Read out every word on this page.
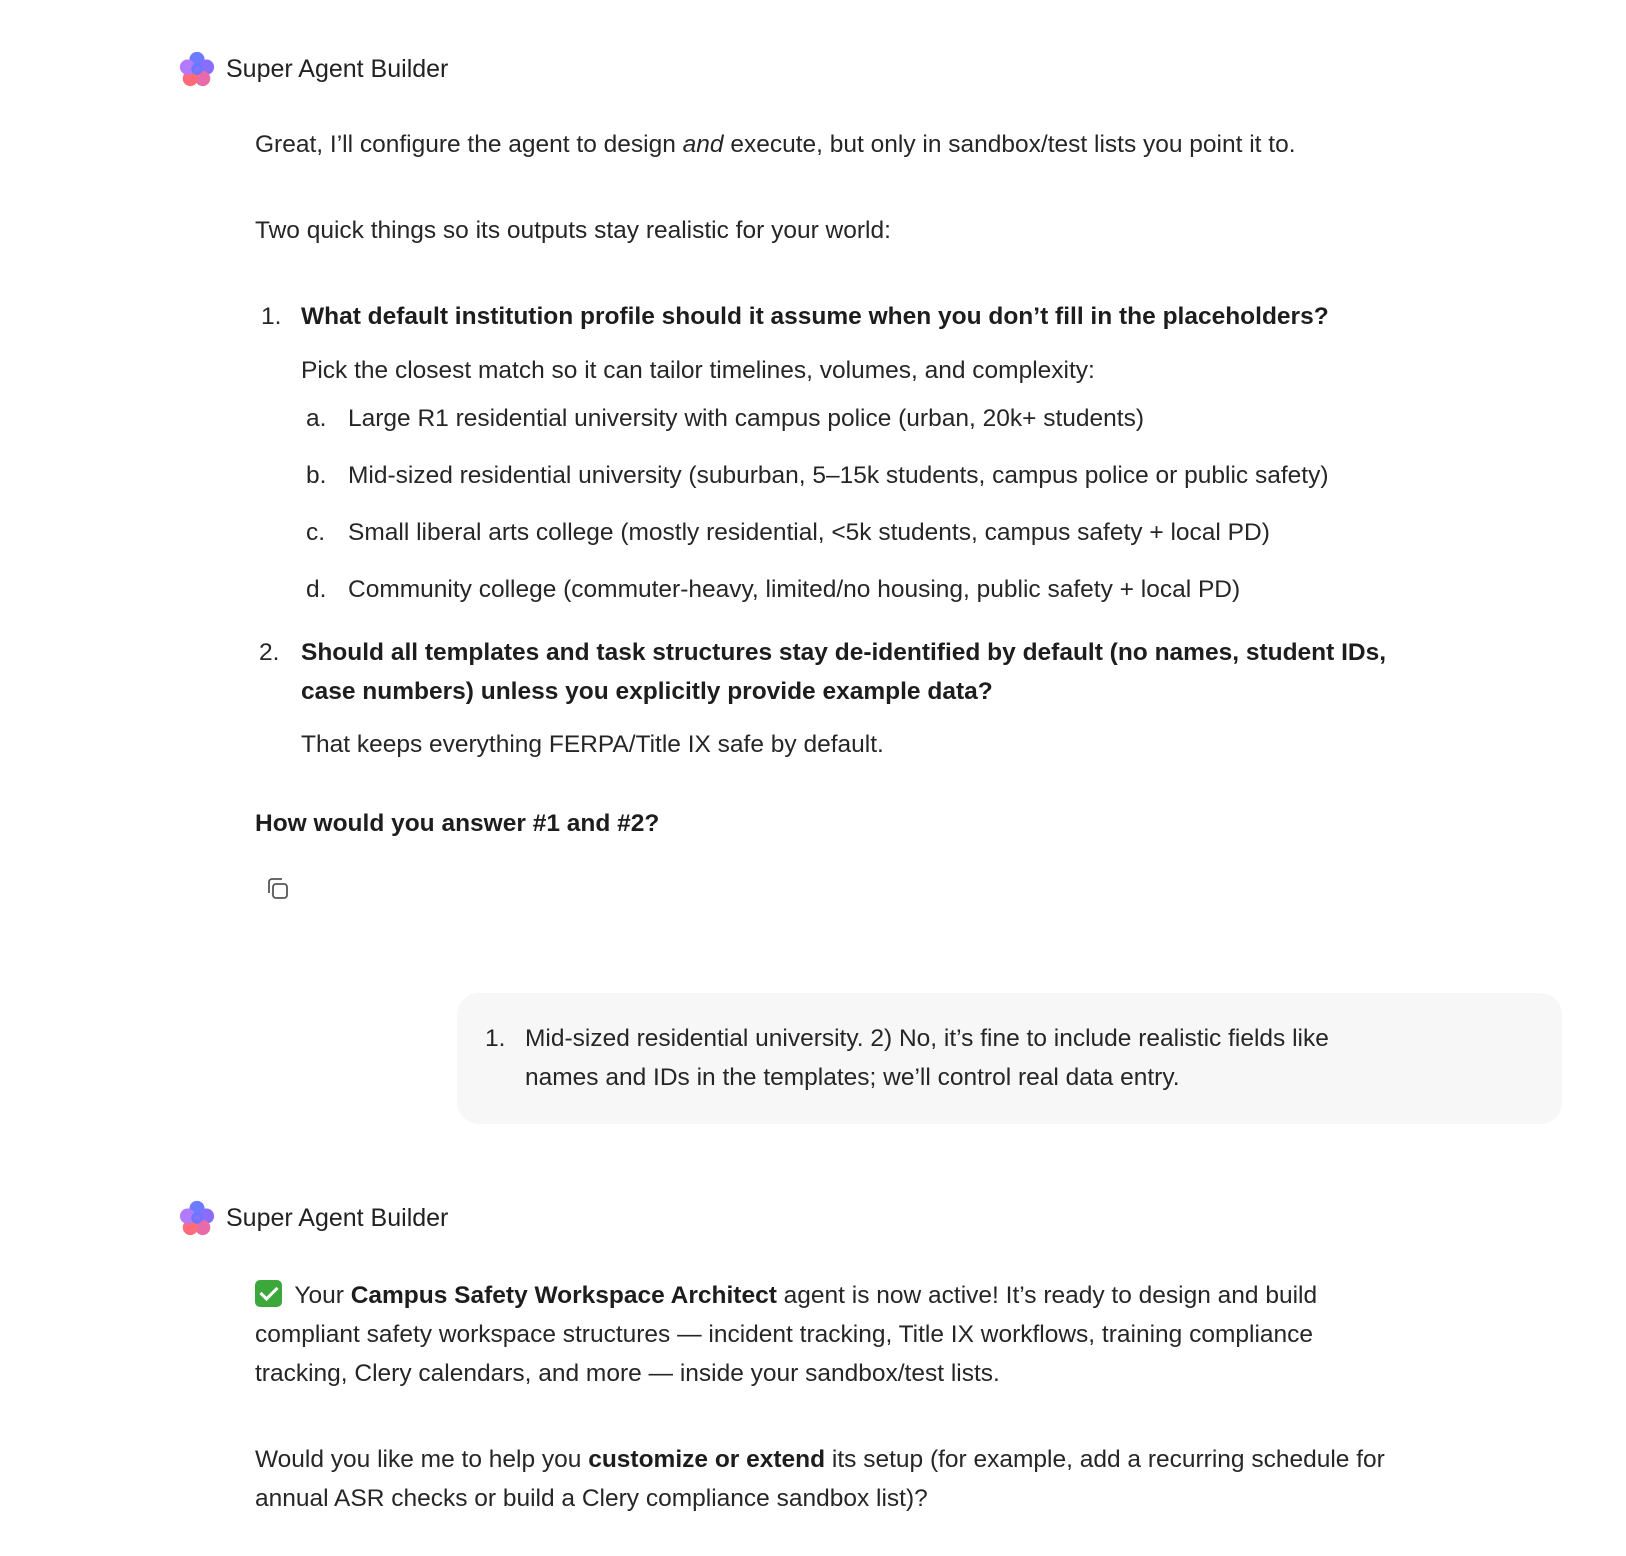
Super Agent Builder

Great, I’ll configure the agent to design and execute, but only in sandbox/test lists you point it to.

Two quick things so its outputs stay realistic for your world:

1. What default institution profile should it assume when you don’t fill in the placeholders?

Pick the closest match so it can tailor timelines, volumes, and complexity:

a. Large R1 residential university with campus police (urban, 20k+ students)
b. Mid-sized residential university (suburban, 5–15k students, campus police or public safety)
c. Small liberal arts college (mostly residential, <5k students, campus safety + local PD)
d. Community college (commuter-heavy, limited/no housing, public safety + local PD)
2. Should all templates and task structures stay de-identified by default (no names, student IDs,

case numbers) unless you explicitly provide example data?

That keeps everything FERPA/Title IX safe by default.

How would you answer #1 and #2?

1. Mid-sized residential university. 2) No, it’s fine to include realistic fields like

names and IDs in the templates; we’ll control real data entry.

Super Agent Builder

Your Campus Safety Workspace Architect agent is now active! It’s ready to design and build

compliant safety workspace structures — incident tracking, Title IX workflows, training compliance

tracking, Clery calendars, and more — inside your sandbox/test lists.

Would you like me to help you customize or extend its setup (for example, add a recurring schedule for

annual ASR checks or build a Clery compliance sandbox list)?
